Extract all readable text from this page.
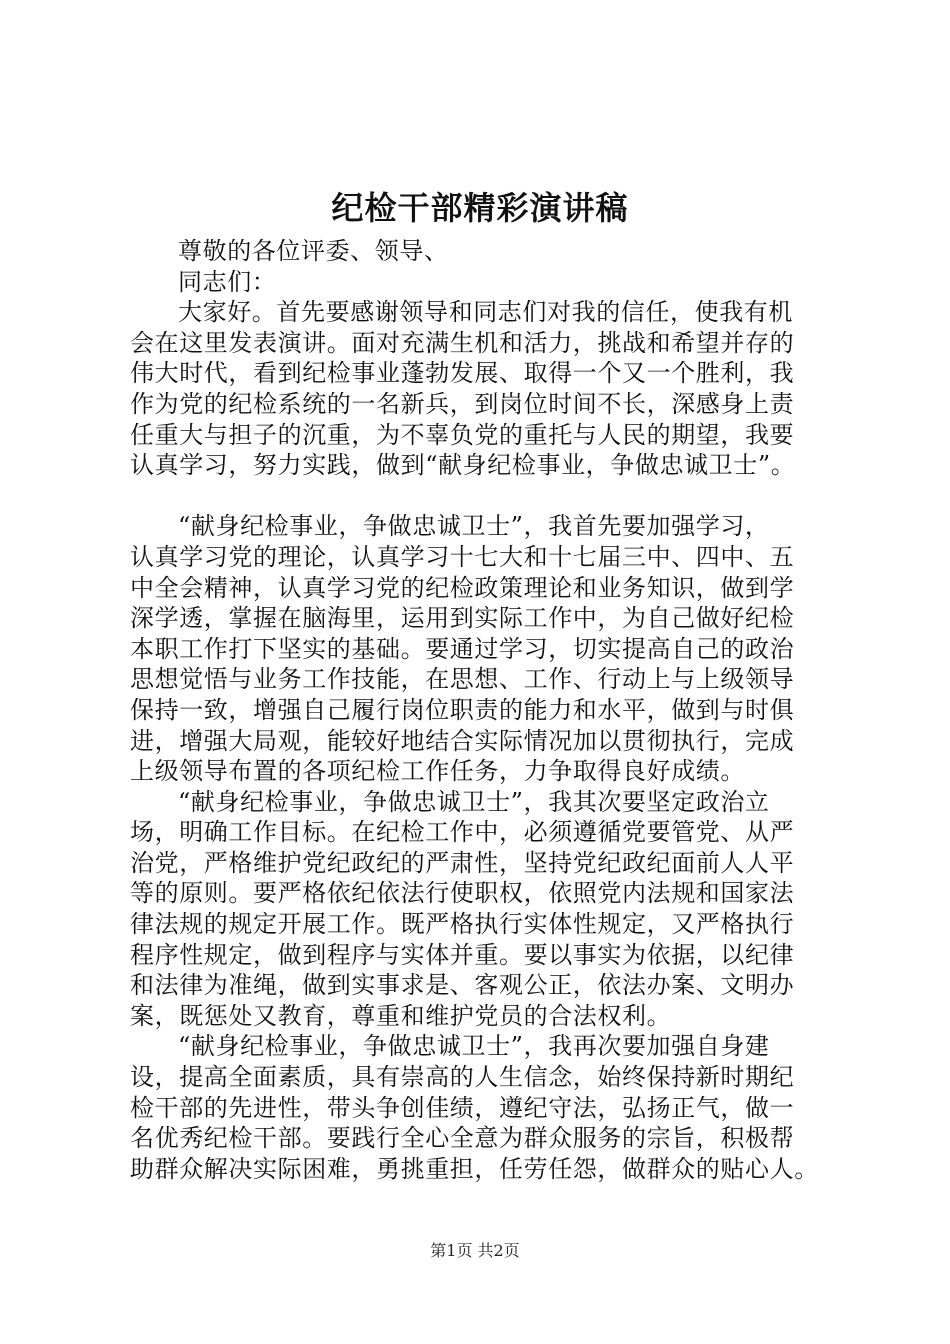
纪检干部精彩演讲稿
尊敬的各位评委、领导、
同志们：
大家好。首先要感谢领导和同志们对我的信任，使我有机
会在这里发表演讲。面对充满生机和活力，挑战和希望并存的
伟大时代，看到纪检事业蓬勃发展、取得一个又一个胜利，我
作为党的纪检系统的一名新兵，到岗位时间不长，深感身上责
任重大与担子的沉重，为不辜负党的重托与人民的期望，我要
认真学习，努力实践，做到“献身纪检事业，争做忠诚卫士”。
“献身纪检事业，争做忠诚卫士”，我首先要加强学习，
认真学习党的理论，认真学习十七大和十七届三中、四中、五
中全会精神，认真学习党的纪检政策理论和业务知识，做到学
深学透，掌握在脑海里，运用到实际工作中，为自己做好纪检
本职工作打下坚实的基础。要通过学习，切实提高自己的政治
思想觉悟与业务工作技能，在思想、工作、行动上与上级领导
保持一致，增强自己履行岗位职责的能力和水平，做到与时俱
进，增强大局观，能较好地结合实际情况加以贯彻执行，完成
上级领导布置的各项纪检工作任务，力争取得良好成绩。
“献身纪检事业，争做忠诚卫士”，我其次要坚定政治立
场，明确工作目标。在纪检工作中，必须遵循党要管党、从严
治党，严格维护党纪政纪的严肃性，坚持党纪政纪面前人人平
等的原则。要严格依纪依法行使职权，依照党内法规和国家法
律法规的规定开展工作。既严格执行实体性规定，又严格执行
程序性规定，做到程序与实体并重。要以事实为依据，以纪律
和法律为准绳，做到实事求是、客观公正，依法办案、文明办
案，既惩处又教育，尊重和维护党员的合法权利。
“献身纪检事业，争做忠诚卫士”，我再次要加强自身建
设，提高全面素质，具有崇高的人生信念，始终保持新时期纪
检干部的先进性，带头争创佳绩，遵纪守法，弘扬正气，做一
名优秀纪检干部。要践行全心全意为群众服务的宗旨，积极帮
助群众解决实际困难，勇挑重担，任劳任怨，做群众的贴心人。
第1页 共2页
